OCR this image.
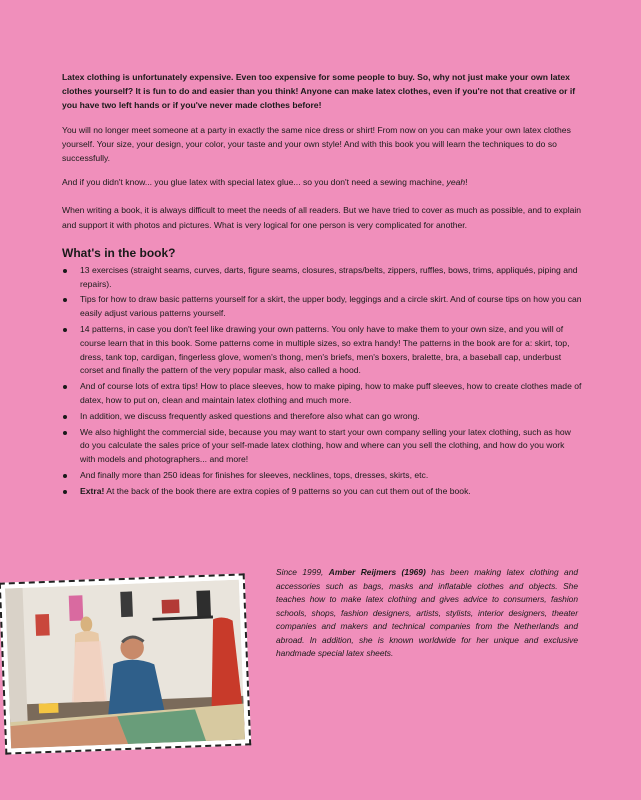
Latex clothing is unfortunately expensive. Even too expensive for some people to buy. So, why not just make your own latex clothes yourself? It is fun to do and easier than you think! Anyone can make latex clothes, even if you're not that creative or if you have two left hands or if you've never made clothes before!

You will no longer meet someone at a party in exactly the same nice dress or shirt! From now on you can make your own latex clothes yourself. Your size, your design, your color, your taste and your own style! And with this book you will learn the techniques to do so successfully.

And if you didn't know... you glue latex with special latex glue... so you don't need a sewing machine, yeah!

When writing a book, it is always difficult to meet the needs of all readers. But we have tried to cover as much as possible, and to explain and support it with photos and pictures. What is very logical for one person is very complicated for another.

What's in the book?
13 exercises (straight seams, curves, darts, figure seams, closures, straps/belts, zippers, ruffles, bows, trims, appliqués, piping and repairs).
Tips for how to draw basic patterns yourself for a skirt, the upper body, leggings and a circle skirt. And of course tips on how you can easily adjust various patterns yourself.
14 patterns, in case you don't feel like drawing your own patterns. You only have to make them to your own size, and you will of course learn that in this book. Some patterns come in multiple sizes, so extra handy! The patterns in the book are for a: skirt, top, dress, tank top, cardigan, fingerless glove, women's thong, men's briefs, men's boxers, bralette, bra, a baseball cap, underbust corset and finally the pattern of the very popular mask, also called a hood.
And of course lots of extra tips! How to place sleeves, how to make piping, how to make puff sleeves, how to create clothes made of datex, how to put on, clean and maintain latex clothing and much more.
In addition, we discuss frequently asked questions and therefore also what can go wrong.
We also highlight the commercial side, because you may want to start your own company selling your latex clothing, such as how do you calculate the sales price of your self-made latex clothing, how and where can you sell the clothing, and how do you work with models and photographers... and more!
And finally more than 250 ideas for finishes for sleeves, necklines, tops, dresses, skirts, etc.
Extra! At the back of the book there are extra copies of 9 patterns so you can cut them out of the book.
Since 1999, Amber Reijmers (1969) has been making latex clothing and accessories such as bags, masks and inflatable clothes and objects. She teaches how to make latex clothing and gives advice to consumers, fashion schools, shops, fashion designers, artists, stylists, interior designers, theater companies and makers and technical companies from the Netherlands and abroad. In addition, she is known worldwide for her unique and exclusive handmade special latex sheets.
